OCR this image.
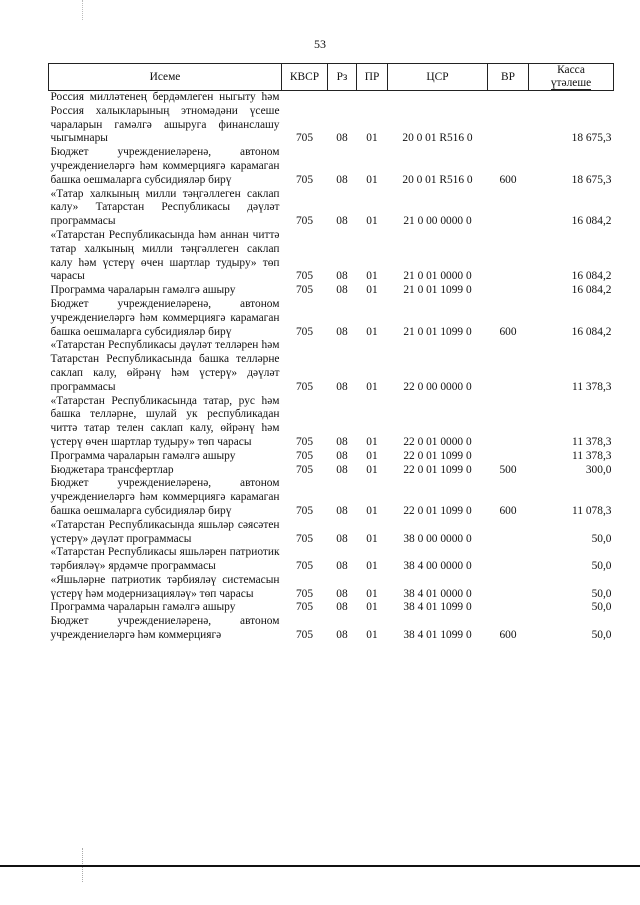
53
Исеме	КВСР	Рз	ПР	ЦСР	ВР	Касса
үтәлеше

Россия милләтенең бердәмлеген ныгыту һәм Россия халыкларының этномәдәни үсеше чараларын гамәлгә ашыруга финанслашу чыгымнары	705	08	01	20 0 01 R516 0		18 675,3
Бюджет учреждениеләренә, автоном учреждениеләргә һәм коммерциягә карамаган башка оешмаларга субсидияләр бирү	705	08	01	20 0 01 R516 0	600	18 675,3
«Татар халкының милли тәңгәллеген саклап калу» Татарстан Республикасы дәүләт программасы	705	08	01	21 0 00 0000 0		16 084,2
«Татарстан Республикасында һәм аннан читтә татар халкының милли тәңгәллеген саклап калу һәм үстерү өчен шартлар тудыру» төп чарасы	705	08	01	21 0 01 0000 0		16 084,2
Программа чараларын гамәлгә ашыру	705	08	01	21 0 01 1099 0		16 084,2
Бюджет учреждениеләренә, автоном учреждениеләргә һәм коммерциягә карамаган башка оешмаларга субсидияләр бирү	705	08	01	21 0 01 1099 0	600	16 084,2
«Татарстан Республикасы дәүләт телләрен һәм Татарстан Республикасында башка телләрне саклап калу, өйрәнү һәм үстерү» дәүләт программасы	705	08	01	22 0 00 0000 0		11 378,3
«Татарстан Республикасында татар, рус һәм башка телләрне, шулай ук республикадан читтә татар телен саклап калу, өйрәнү һәм үстерү өчен шартлар тудыру» төп чарасы	705	08	01	22 0 01 0000 0		11 378,3
Программа чараларын гамәлгә ашыру	705	08	01	22 0 01 1099 0		11 378,3
Бюджетара трансфертлар	705	08	01	22 0 01 1099 0	500	300,0
Бюджет учреждениеләренә, автоном учреждениеләргә һәм коммерциягә карамаган башка оешмаларга субсидияләр бирү	705	08	01	22 0 01 1099 0	600	11 078,3
«Татарстан Республикасында яшьләр сәясәтен үстерү» дәүләт программасы	705	08	01	38 0 00 0000 0		50,0
«Татарстан Республикасы яшьләрен патриотик тәрбияләү» ярдәмче программасы	705	08	01	38 4 00 0000 0		50,0
«Яшьләрне патриотик тәрбияләү системасын үстерү һәм модернизацияләү» төп чарасы	705	08	01	38 4 01 0000 0		50,0
Программа чараларын гамәлгә ашыру	705	08	01	38 4 01 1099 0		50,0
Бюджет учреждениеләренә, автоном учреждениеләргә һәм коммерциягә	705	08	01	38 4 01 1099 0	600	50,0
